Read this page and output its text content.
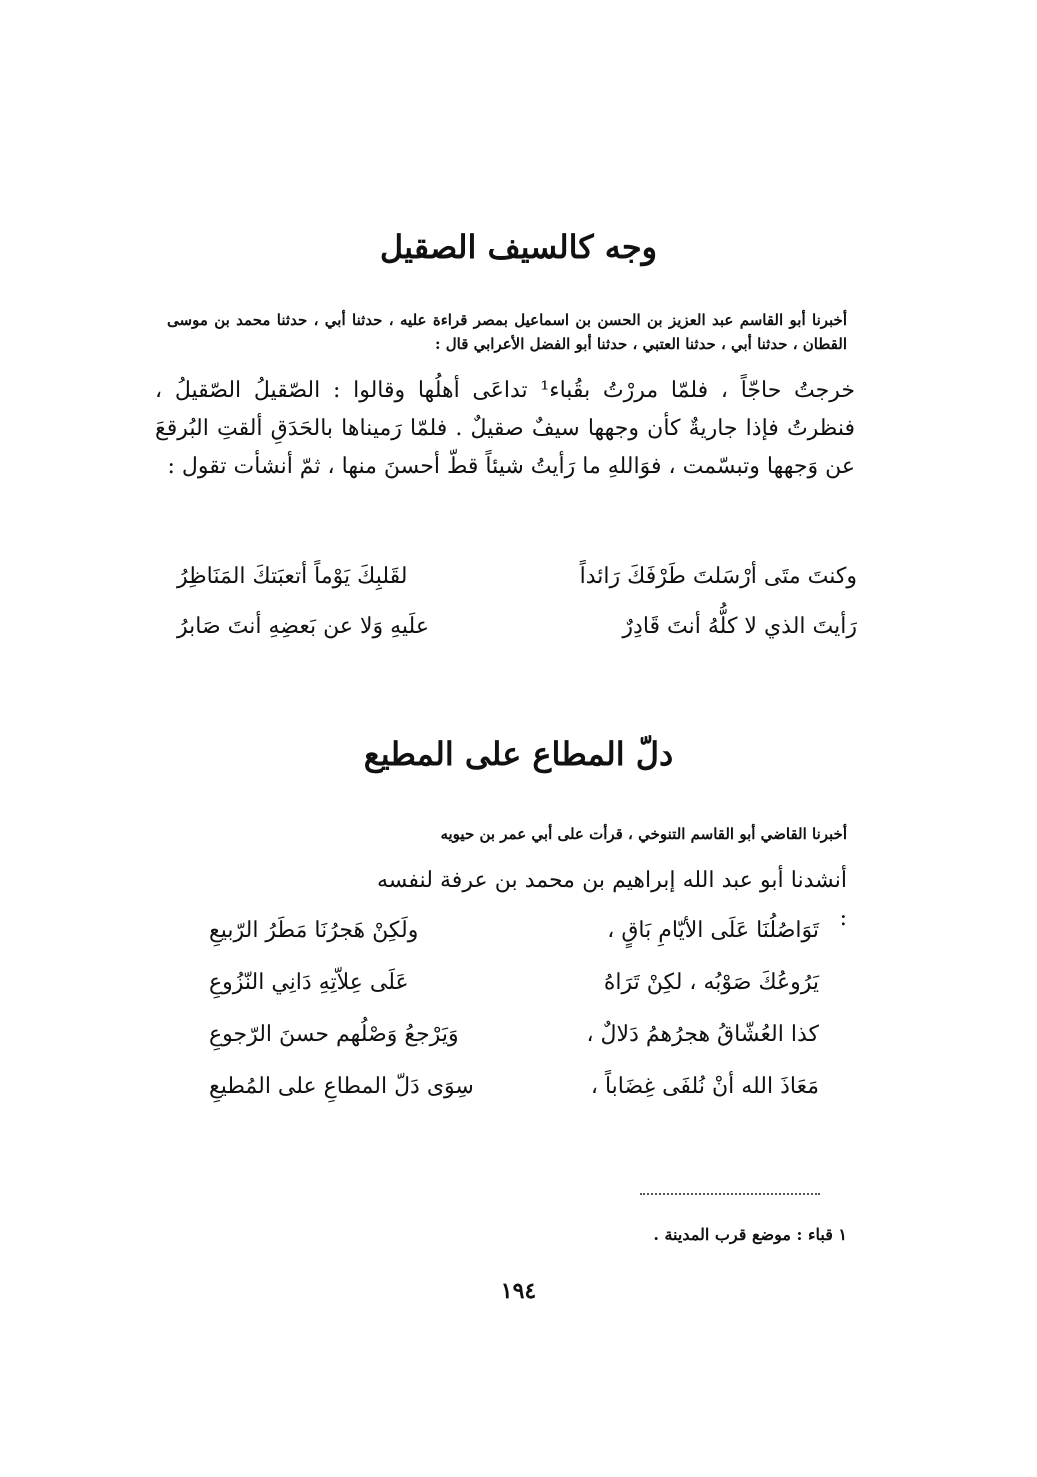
وجه كالسيف الصقيل
أخبرنا أبو القاسم عبد العزيز بن الحسن بن اسماعيل بمصر قراءة عليه ، حدثنا أبي ، حدثنا محمد بن موسى القطان ، حدثنا أبي ، حدثنا العتبي ، حدثنا أبو الفضل الأعرابي قال :
خرجتُ حاجّاً ، فلمّا مررْتُ بقُباء¹ تداعَى أهلُها وقالوا : الصّقيلُ الصّقيلُ ، فنظرتُ فإذا جاريةٌ كأن وجهها سيفٌ صقيلٌ . فلمّا رَميناها بالحَدَقِ ألقتِ البُرقعَ عن وَجهها وتبسّمت ، فوَاللهِ ما رَأيتُ شيئاً قطّ أحسنَ منها ، ثمّ أنشأت تقول :
وكنتَ متَى أرْسَلتَ طَرْفَكَ رَائداً
لقَلبِكَ يَوْماً أتعبَتكَ المَنَاظِرُ
رَأيتَ الذي لا كلُّهُ أنتَ قَادِرٌ
علَيهِ وَلا عن بَعضِهِ أنتَ صَابرُ
دلّ المطاع على المطيع
أخبرنا القاضي أبو القاسم التنوخي ، قرأت على أبي عمر بن حيويه
أنشدنا أبو عبد الله إبراهيم بن محمد بن عرفة لنفسه :
تَوَاصُلُنَا عَلَى الأيّامِ بَاقٍ ،
ولَكِنْ هَجرُنَا مَطَرُ الرّبيعِ
يَرُوعُكَ صَوْبُه ، لكِنْ تَرَاهُ
عَلَى عِلاّتِهِ دَانِي النّزُوعِ
كذا العُشّاقُ هجرُهمُ دَلالٌ ،
وَيَرْجعُ وَصْلُهم حسنَ الرّجوعِ
مَعَاذَ الله أنْ نُلفَى غِضَاباً ،
سِوَى دَلّ المطاعِ على المُطيعِ
١ قباء : موضع قرب المدينة .
١٩٤
